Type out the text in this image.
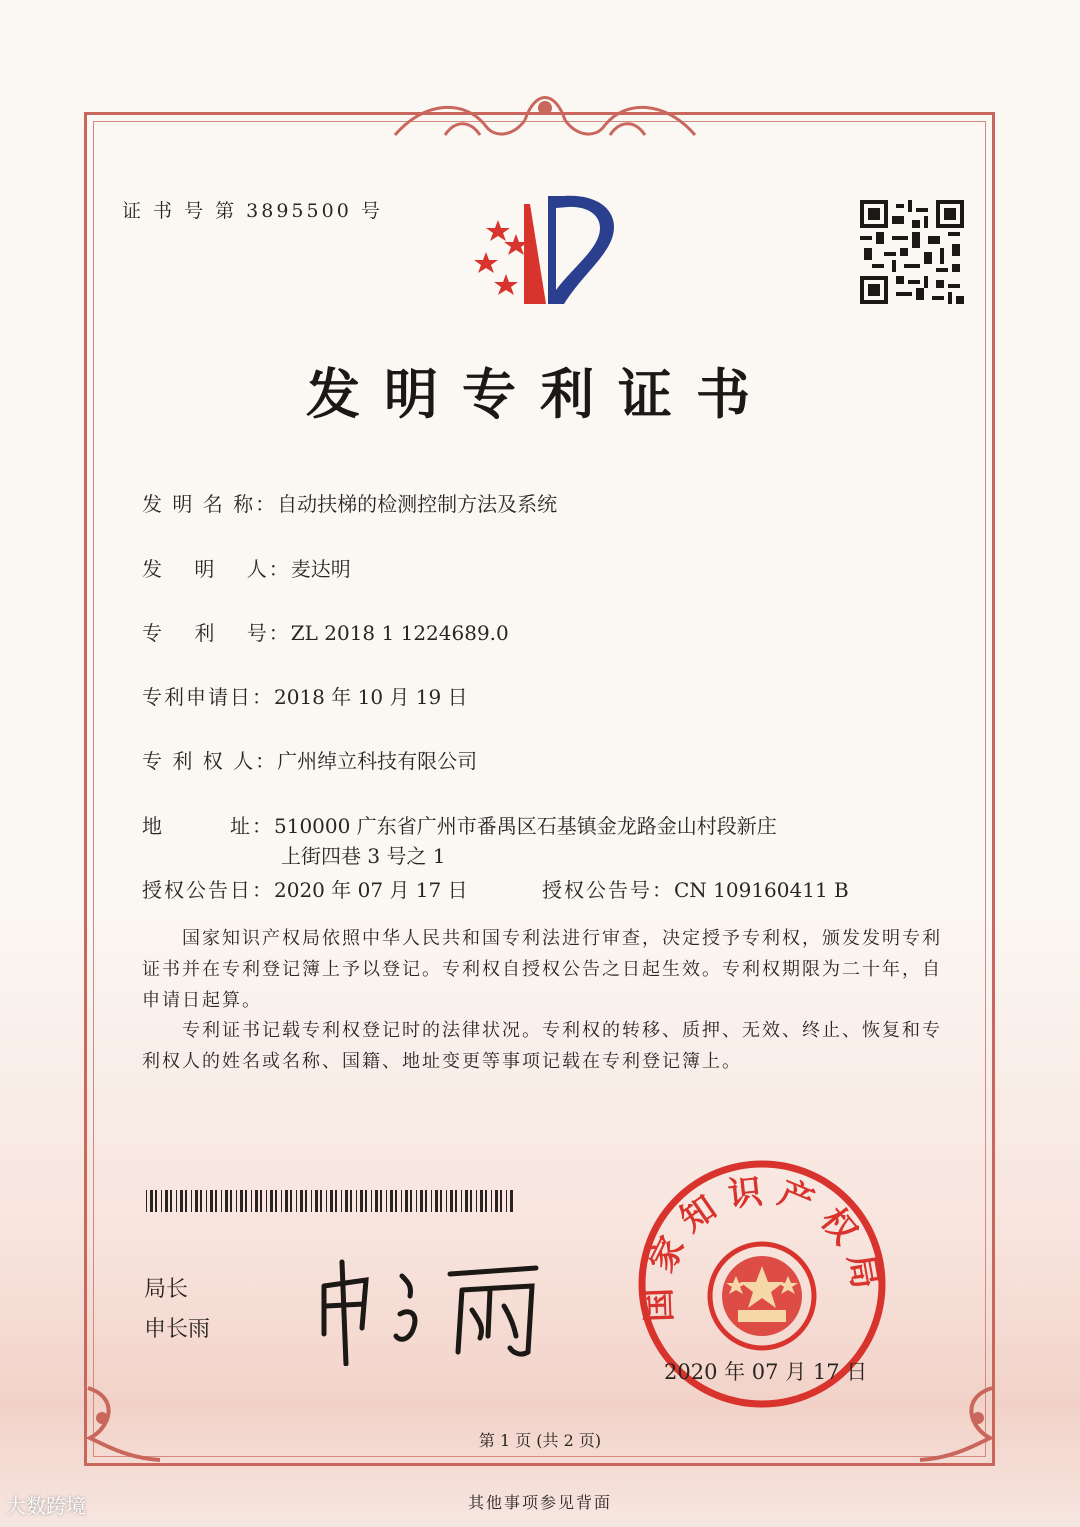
证 书 号 第 3895500 号
发明专利证书
发 明 名 称：自动扶梯的检测控制方法及系统
发　 明　 人：麦达明
专　 利　 号：ZL 2018 1 1224689.0
专利申请日：2018 年 10 月 19 日
专 利 权 人：广州绰立科技有限公司
地　　　址：510000 广东省广州市番禺区石基镇金龙路金山村段新庄
上街四巷 3 号之 1
授权公告日：2020 年 07 月 17 日	授权公告号：CN 109160411 B
　　国家知识产权局依照中华人民共和国专利法进行审查，决定授予专利权，颁发发明专利证书并在专利登记簿上予以登记。专利权自授权公告之日起生效。专利权期限为二十年，自申请日起算。
　　专利证书记载专利权登记时的法律状况。专利权的转移、质押、无效、终止、恢复和专利权人的姓名或名称、国籍、地址变更等事项记载在专利登记簿上。
局长
申长雨
国家知识产权局
2020 年 07 月 17 日
第 1 页 (共 2 页)
其他事项参见背面
大数跨境
